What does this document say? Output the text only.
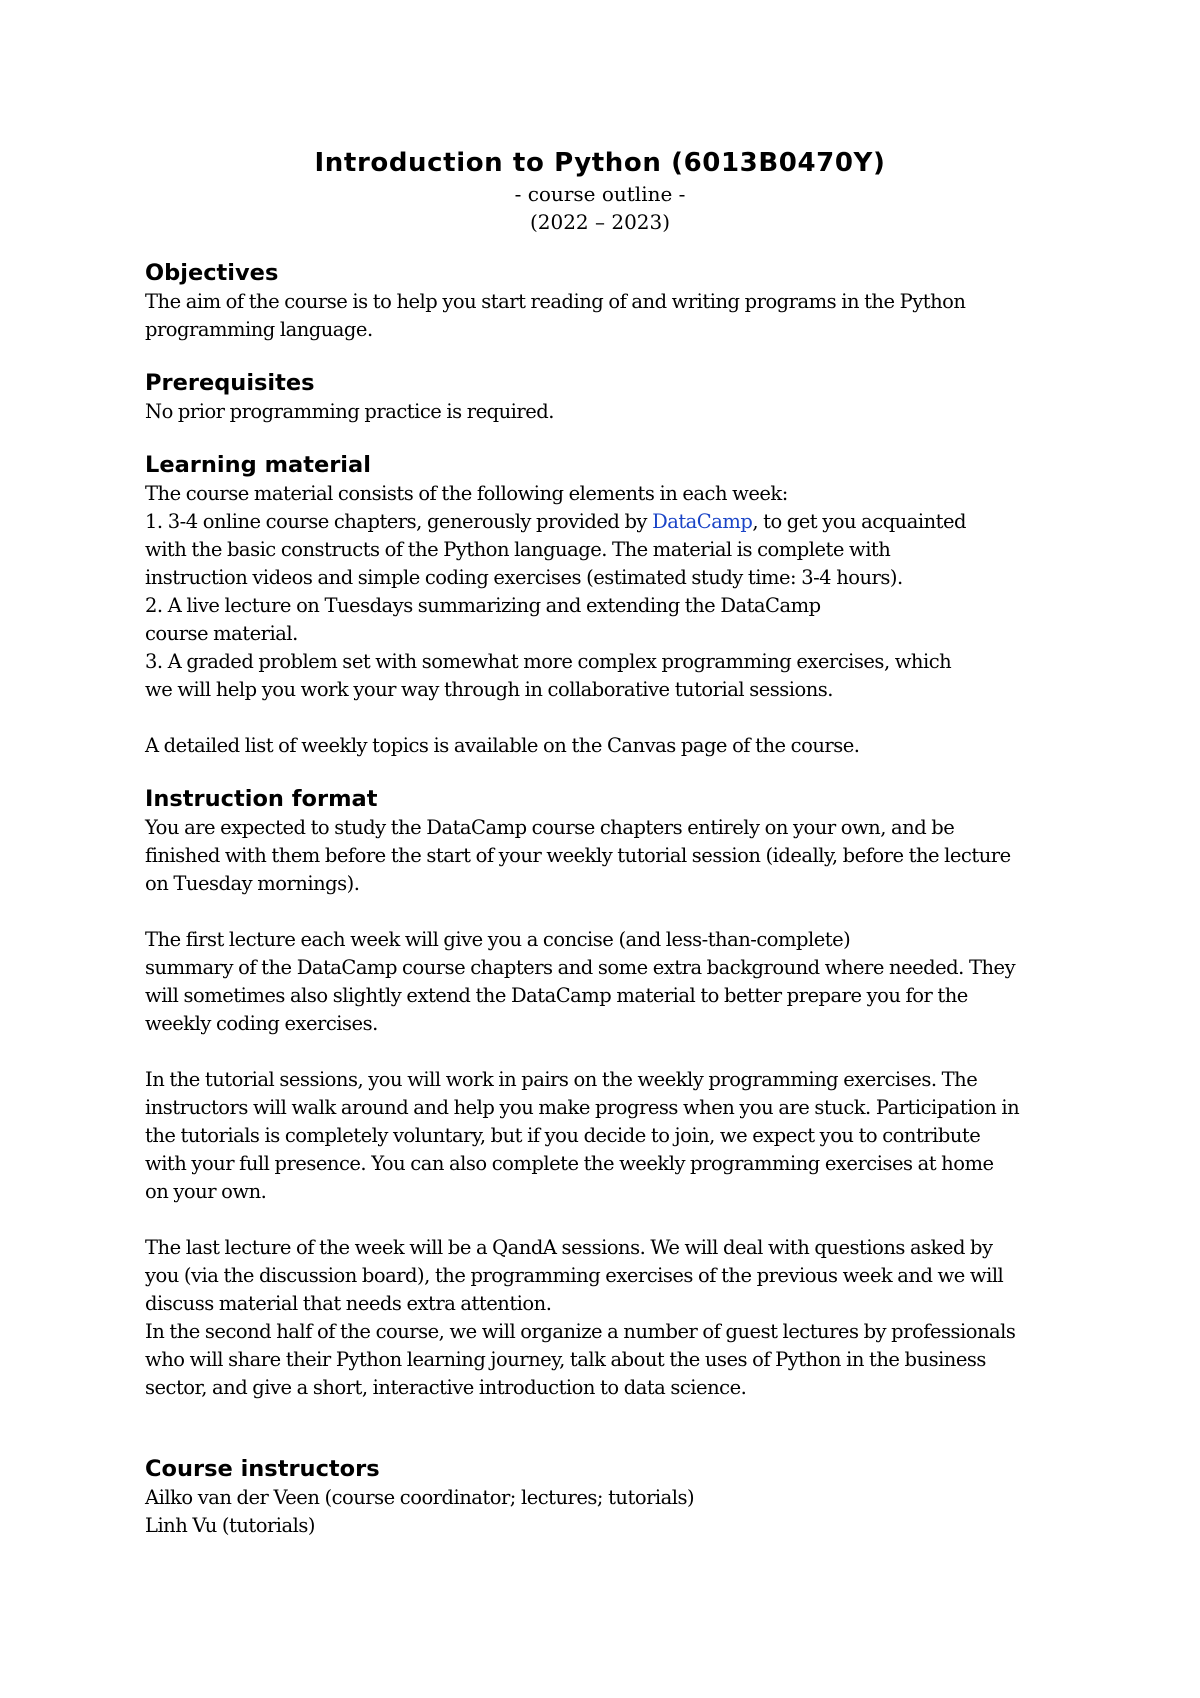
Introduction to Python (6013B0470Y)

- course outline -

(2022 – 2023)

Objectives

The aim of the course is to help you start reading of and writing programs in the Python
programming language.

Prerequisites

No prior programming practice is required.

Learning material

The course material consists of the following elements in each week:
1. 3-4 online course chapters, generously provided by DataCamp, to get you acquainted
with the basic constructs of the Python language. The material is complete with
instruction videos and simple coding exercises (estimated study time: 3-4 hours).
2. A live lecture on Tuesdays summarizing and extending the DataCamp
course material.
3. A graded problem set with somewhat more complex programming exercises, which
we will help you work your way through in collaborative tutorial sessions.

A detailed list of weekly topics is available on the Canvas page of the course.

Instruction format

You are expected to study the DataCamp course chapters entirely on your own, and be
finished with them before the start of your weekly tutorial session (ideally, before the lecture
on Tuesday mornings).

The first lecture each week will give you a concise (and less-than-complete)
summary of the DataCamp course chapters and some extra background where needed. They
will sometimes also slightly extend the DataCamp material to better prepare you for the
weekly coding exercises.

In the tutorial sessions, you will work in pairs on the weekly programming exercises. The
instructors will walk around and help you make progress when you are stuck. Participation in
the tutorials is completely voluntary, but if you decide to join, we expect you to contribute
with your full presence. You can also complete the weekly programming exercises at home
on your own.

The last lecture of the week will be a QandA sessions. We will deal with questions asked by
you (via the discussion board), the programming exercises of the previous week and we will
discuss material that needs extra attention.
In the second half of the course, we will organize a number of guest lectures by professionals
who will share their Python learning journey, talk about the uses of Python in the business
sector, and give a short, interactive introduction to data science.

Course instructors

Ailko van der Veen (course coordinator; lectures; tutorials)
Linh Vu (tutorials)
